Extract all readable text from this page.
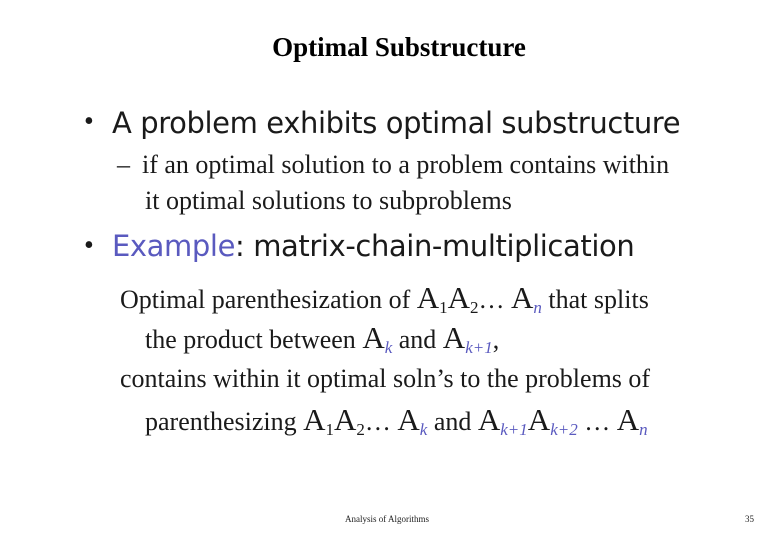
Optimal Substructure
• A problem exhibits optimal substructure
– if an optimal solution to a problem contains within
it optimal solutions to subproblems
• Example: matrix-chain-multiplication
Optimal parenthesization of $A_1A_2\dots$ $A_n$ that splits
the product between $A_k$ and $A_{k+1}$,
contains within it optimal soln’s to the problems of
parenthesizing $A_1A_2\dots$ $A_k$ and $A_{k+1}A_{k+2}$ … $A_n$
Analysis of Algorithms	35
